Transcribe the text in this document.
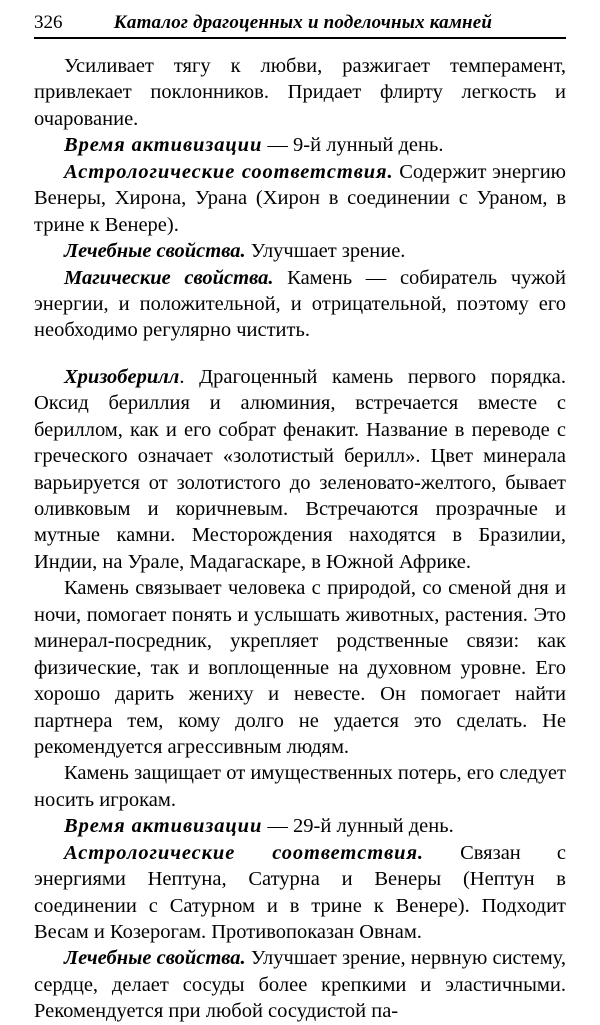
326	Каталог драгоценных и поделочных камней

Усиливает тягу к любви, разжигает темперамент, привлекает поклонников. Придает флирту легкость и очарование.

Время активизации — 9-й лунный день.

Астрологические соответствия. Содержит энергию Венеры, Хирона, Урана (Хирон в соединении с Ураном, в трине к Венере).

Лечебные свойства. Улучшает зрение.

Магические свойства. Камень — собиратель чужой энергии, и положительной, и отрицательной, поэтому его необходимо регулярно чистить.

Хризоберилл. Драгоценный камень первого порядка. Оксид бериллия и алюминия, встречается вместе с бериллом, как и его собрат фенакит. Название в переводе с греческого означает «золотистый берилл». Цвет минерала варьируется от золотистого до зеленовато-желтого, бывает оливковым и коричневым. Встречаются прозрачные и мутные камни. Месторождения находятся в Бразилии, Индии, на Урале, Мадагаскаре, в Южной Африке.

Камень связывает человека с природой, со сменой дня и ночи, помогает понять и услышать животных, растения. Это минерал-посредник, укрепляет родственные связи: как физические, так и воплощенные на духовном уровне. Его хорошо дарить жениху и невесте. Он помогает найти партнера тем, кому долго не удается это сделать. Не рекомендуется агрессивным людям.

Камень защищает от имущественных потерь, его следует носить игрокам.

Время активизации — 29-й лунный день.

Астрологические соответствия. Связан с энергиями Нептуна, Сатурна и Венеры (Нептун в соединении с Сатурном и в трине к Венере). Подходит Весам и Козерогам. Противопоказан Овнам.

Лечебные свойства. Улучшает зрение, нервную систему, сердце, делает сосуды более крепкими и эластичными. Рекомендуется при любой сосудистой па-
